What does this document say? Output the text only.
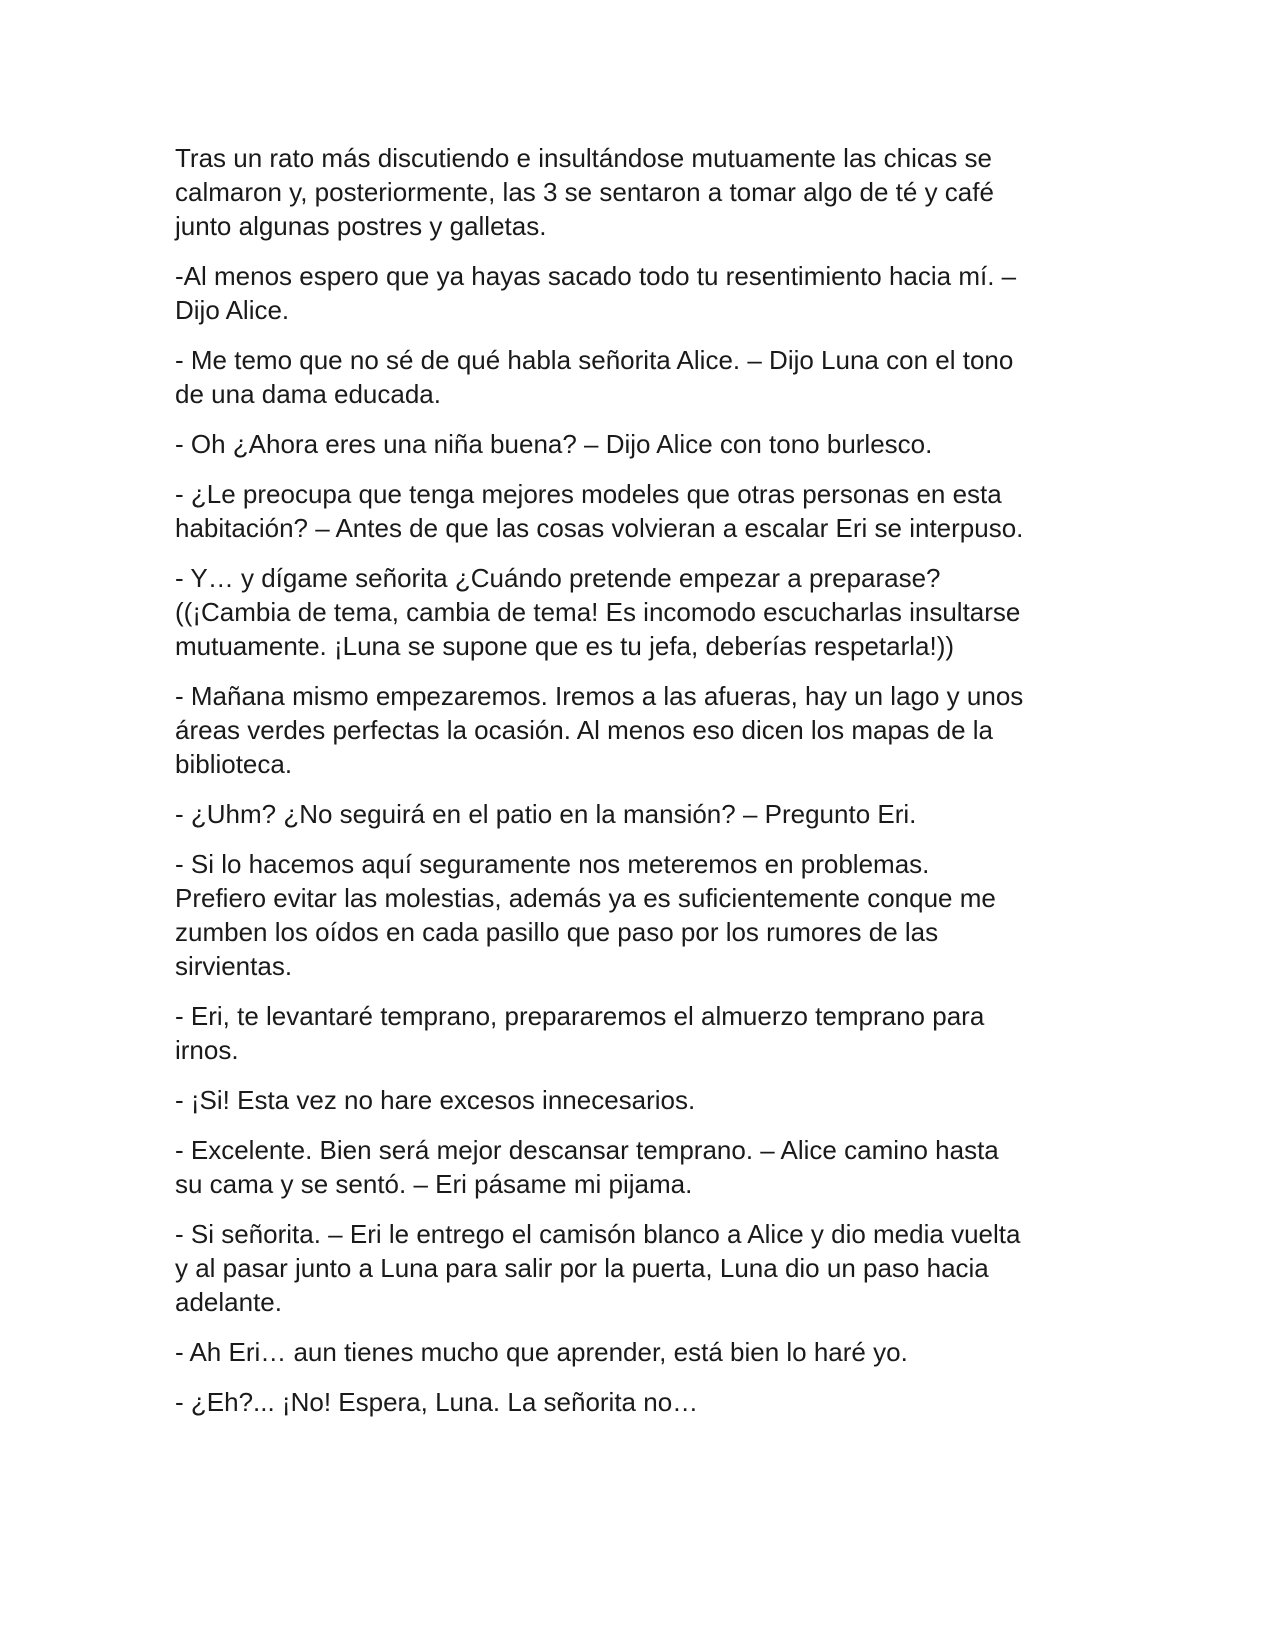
Tras un rato más discutiendo e insultándose mutuamente las chicas se
calmaron y, posteriormente, las 3 se sentaron a tomar algo de té y café
junto algunas postres y galletas.

-Al menos espero que ya hayas sacado todo tu resentimiento hacia mí. –
Dijo Alice.

- Me temo que no sé de qué habla señorita Alice. – Dijo Luna con el tono
de una dama educada.

- Oh ¿Ahora eres una niña buena? – Dijo Alice con tono burlesco.

- ¿Le preocupa que tenga mejores modeles que otras personas en esta
habitación? – Antes de que las cosas volvieran a escalar Eri se interpuso.

- Y… y dígame señorita ¿Cuándo pretende empezar a preparase?
((¡Cambia de tema, cambia de tema! Es incomodo escucharlas insultarse
mutuamente. ¡Luna se supone que es tu jefa, deberías respetarla!))

- Mañana mismo empezaremos. Iremos a las afueras, hay un lago y unos
áreas verdes perfectas la ocasión. Al menos eso dicen los mapas de la
biblioteca.

- ¿Uhm? ¿No seguirá en el patio en la mansión? – Pregunto Eri.

- Si lo hacemos aquí seguramente nos meteremos en problemas.
Prefiero evitar las molestias, además ya es suficientemente conque me
zumben los oídos en cada pasillo que paso por los rumores de las
sirvientas.

- Eri, te levantaré temprano, prepararemos el almuerzo temprano para
irnos.

- ¡Si! Esta vez no hare excesos innecesarios.

- Excelente. Bien será mejor descansar temprano. – Alice camino hasta
su cama y se sentó. – Eri pásame mi pijama.

- Si señorita. – Eri le entrego el camisón blanco a Alice y dio media vuelta
y al pasar junto a Luna para salir por la puerta, Luna dio un paso hacia
adelante.

- Ah Eri… aun tienes mucho que aprender, está bien lo haré yo.

- ¿Eh?... ¡No! Espera, Luna. La señorita no…
